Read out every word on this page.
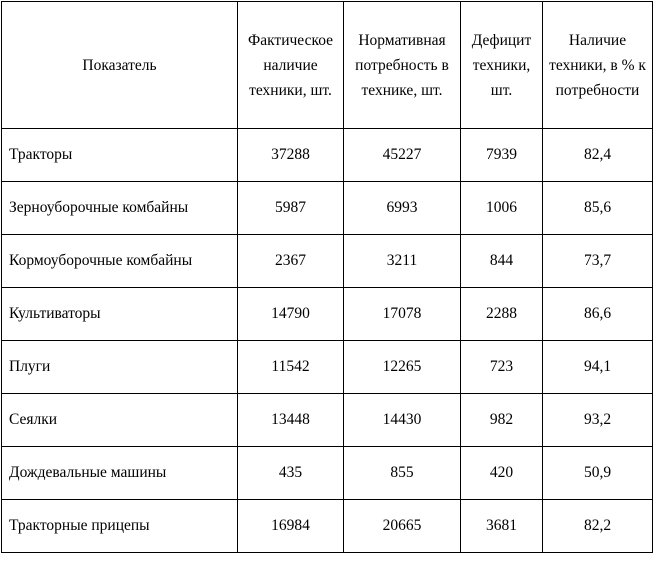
Показатель	Фактическое наличие техники, шт.	Нормативная потребность в технике, шт.	Дефицит техники, шт.	Наличие техники, в % к потребности
Тракторы	37288	45227	7939	82,4
Зерноуборочные комбайны	5987	6993	1006	85,6
Кормоуборочные комбайны	2367	3211	844	73,7
Культиваторы	14790	17078	2288	86,6
Плуги	11542	12265	723	94,1
Сеялки	13448	14430	982	93,2
Дождевальные машины	435	855	420	50,9
Тракторные прицепы	16984	20665	3681	82,2
